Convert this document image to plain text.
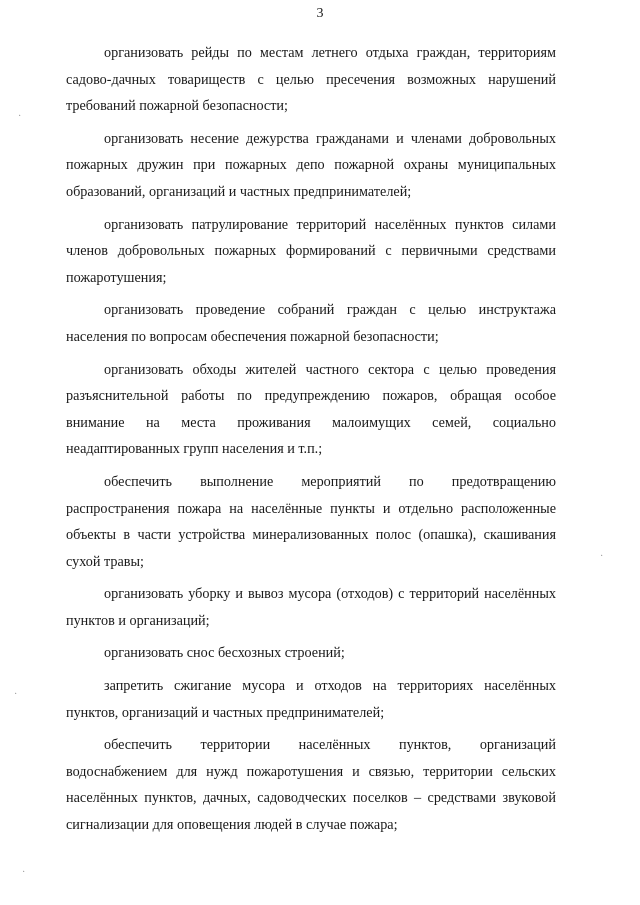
3

организовать рейды по местам летнего отдыха граждан, территориям садово-дачных товариществ с целью пресечения возможных нарушений требований пожарной безопасности;

организовать несение дежурства гражданами и членами добровольных пожарных дружин при пожарных депо пожарной охраны муниципальных образований, организаций и частных предпринимателей;

организовать патрулирование территорий населённых пунктов силами членов добровольных пожарных формирований с первичными средствами пожаротушения;

организовать проведение собраний граждан с целью инструктажа населения по вопросам обеспечения пожарной безопасности;

организовать обходы жителей частного сектора с целью проведения разъяснительной работы по предупреждению пожаров, обращая особое внимание на места проживания малоимущих семей, социально неадаптированных групп населения и т.п.;

обеспечить выполнение мероприятий по предотвращению распространения пожара на населённые пункты и отдельно расположенные объекты в части устройства минерализованных полос (опашка), скашивания сухой травы;

организовать уборку и вывоз мусора (отходов) с территорий населённых пунктов и организаций;

организовать снос бесхозных строений;

запретить сжигание мусора и отходов на территориях населённых пунктов, организаций и частных предпринимателей;

обеспечить территории населённых пунктов, организаций водоснабжением для нужд пожаротушения и связью, территории сельских населённых пунктов, дачных, садоводческих поселков – средствами звуковой сигнализации для оповещения людей в случае пожара;

·
·
·
·
